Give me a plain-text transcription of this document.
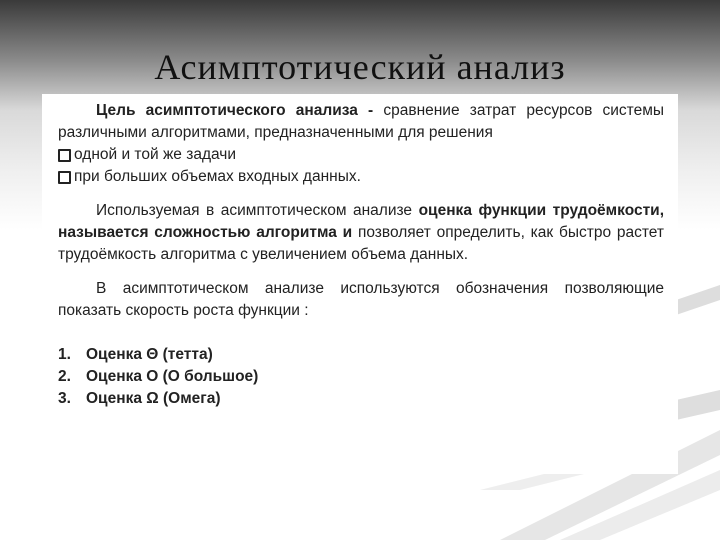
Асимптотический анализ

Цель асимптотического анализа - сравнение затрат ресурсов системы различными алгоритмами, предназначенными для решения

одной и той же задачи
при больших объемах входных данных.

Используемая в асимптотическом анализе оценка функции трудоёмкости, называется сложностью алгоритма и позволяет определить, как быстро растет трудоёмкость алгоритма с увеличением объема данных.

В асимптотическом анализе используются обозначения позволяющие показать скорость роста функции :

1. Оценка Θ (тетта)
2. Оценка О (О большое)
3. Оценка Ω (Омега)
